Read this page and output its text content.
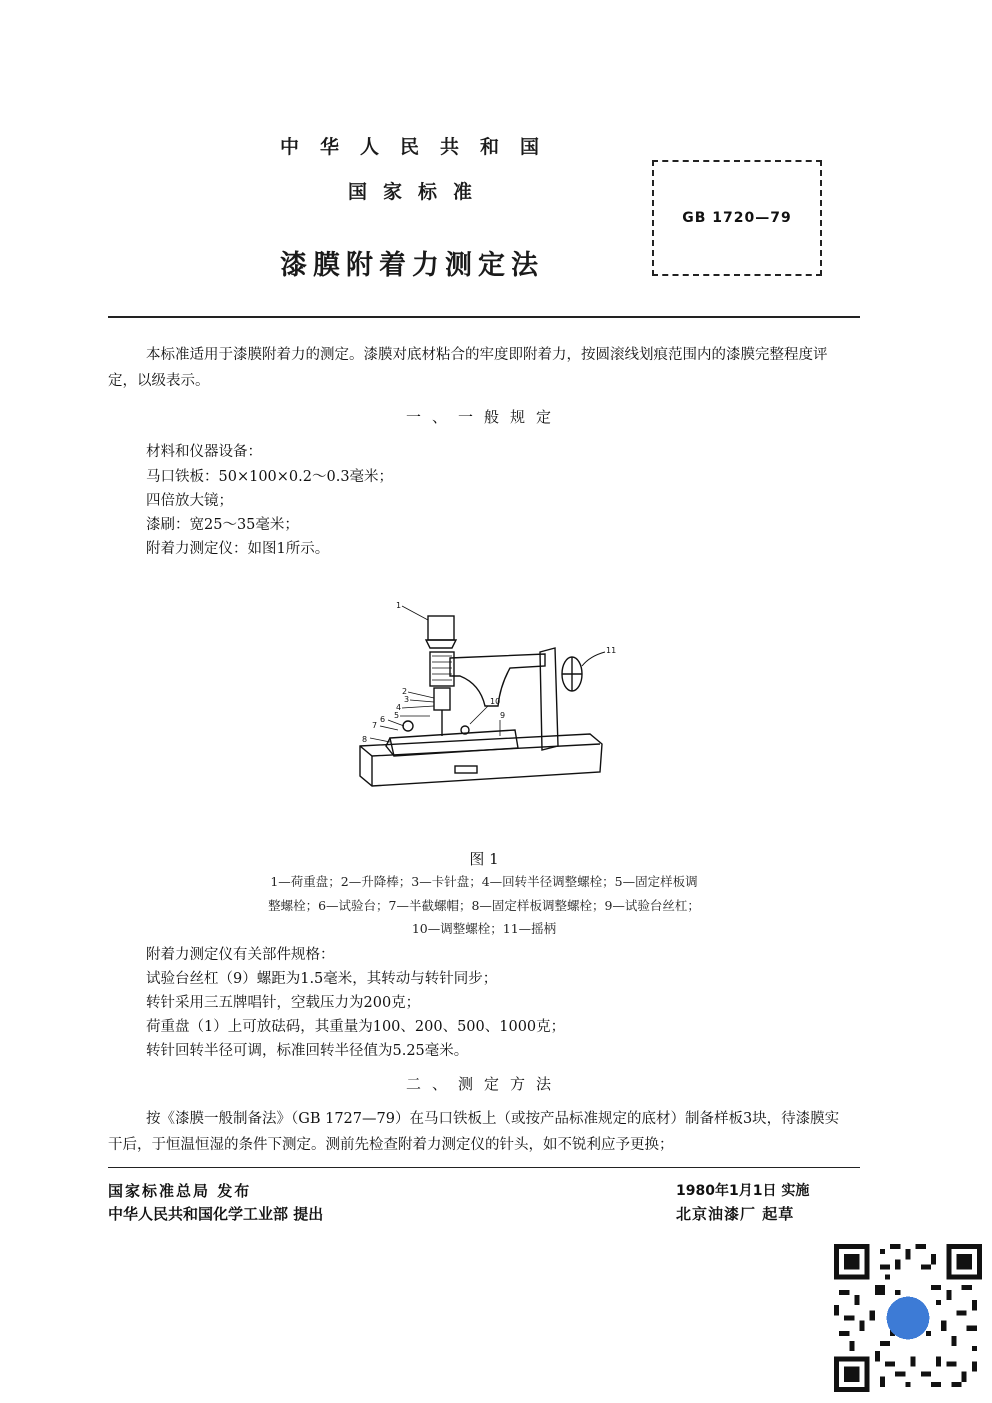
中华人民共和国
国家标准
漆膜附着力测定法
GB 1720—79
本标准适用于漆膜附着力的测定。漆膜对底材粘合的牢度即附着力，按圆滚线划痕范围内的漆膜完整程度评定，以级表示。
一、一般规定
材料和仪器设备：
马口铁板：50×100×0.2～0.3毫米；
四倍放大镜；
漆刷：宽25～35毫米；
附着力测定仪：如图1所示。
1
2
3
4
5
6
7
8
9
10
11
图 1
1—荷重盘；2—升降棒；3—卡针盘；4—回转半径调整螺栓；5—固定样板调
整螺栓；6—试验台；7—半截螺帽；8—固定样板调整螺栓；9—试验台丝杠；
10—调整螺栓；11—摇柄
附着力测定仪有关部件规格：
试验台丝杠（9）螺距为1.5毫米，其转动与转针同步；
转针采用三五牌唱针，空载压力为200克；
荷重盘（1）上可放砝码，其重量为100、200、500、1000克；
转针回转半径可调，标准回转半径值为5.25毫米。
二、测定方法
按《漆膜一般制备法》（GB 1727—79）在马口铁板上（或按产品标准规定的底材）制备样板3块，待漆膜实干后，于恒温恒湿的条件下测定。测前先检查附着力测定仪的针头，如不锐利应予更换；
国家标准总局 发布
中华人民共和国化学工业部 提出
1980年1月1日 实施
北京油漆厂 起草
